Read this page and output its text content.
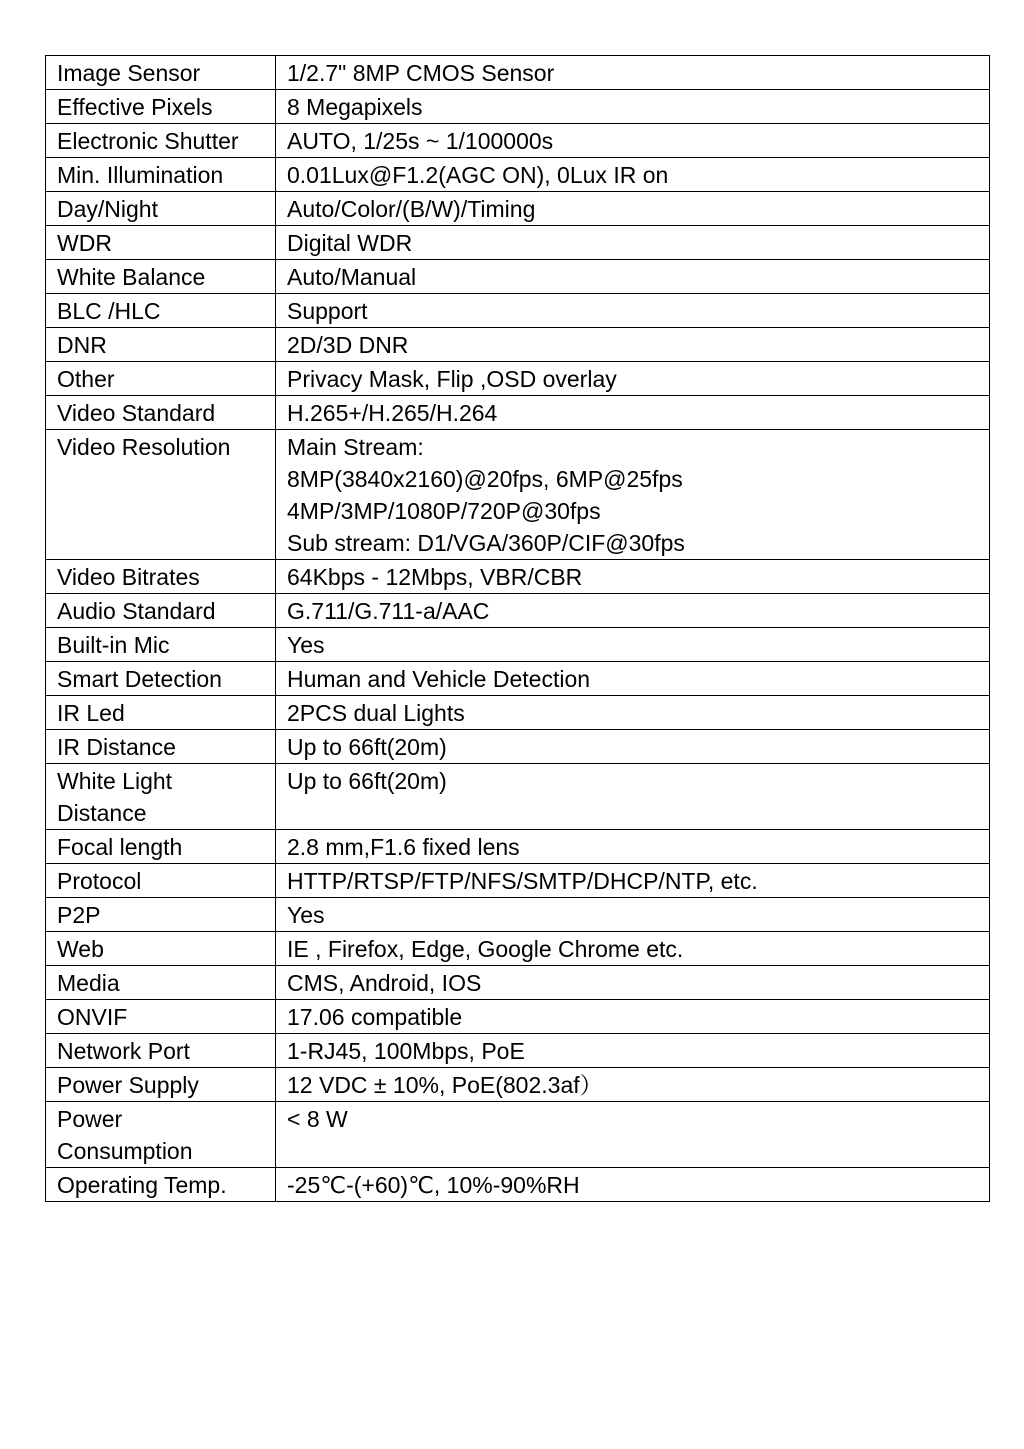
Image Sensor	1/2.7" 8MP CMOS Sensor

Effective Pixels	8 Megapixels

Electronic Shutter	AUTO, 1/25s ~ 1/100000s

Min. Illumination	0.01Lux@F1.2(AGC ON), 0Lux IR on

Day/Night	Auto/Color/(B/W)/Timing

WDR	Digital WDR

White Balance	Auto/Manual

BLC /HLC	Support

DNR	2D/3D DNR

Other	Privacy Mask, Flip ,OSD overlay

Video Standard	H.265+/H.265/H.264

Video Resolution	Main Stream:
8MP(3840x2160)@20fps, 6MP@25fps
4MP/3MP/1080P/720P@30fps
Sub stream: D1/VGA/360P/CIF@30fps

Video Bitrates	64Kbps - 12Mbps, VBR/CBR

Audio Standard	G.711/G.711-a/AAC

Built-in Mic	Yes

Smart Detection	Human and Vehicle Detection

IR Led	2PCS dual Lights

IR Distance	Up to 66ft(20m)

White Light
Distance	Up to 66ft(20m)

Focal length	2.8 mm,F1.6 fixed lens

Protocol	HTTP/RTSP/FTP/NFS/SMTP/DHCP/NTP, etc.

P2P	Yes

Web	IE , Firefox, Edge, Google Chrome etc.

Media	CMS, Android, IOS

ONVIF	17.06 compatible

Network Port	1-RJ45, 100Mbps, PoE

Power Supply	12 VDC ± 10%, PoE(802.3af）

Power
Consumption	< 8 W

Operating Temp.	-25℃-(+60)℃, 10%-90%RH
